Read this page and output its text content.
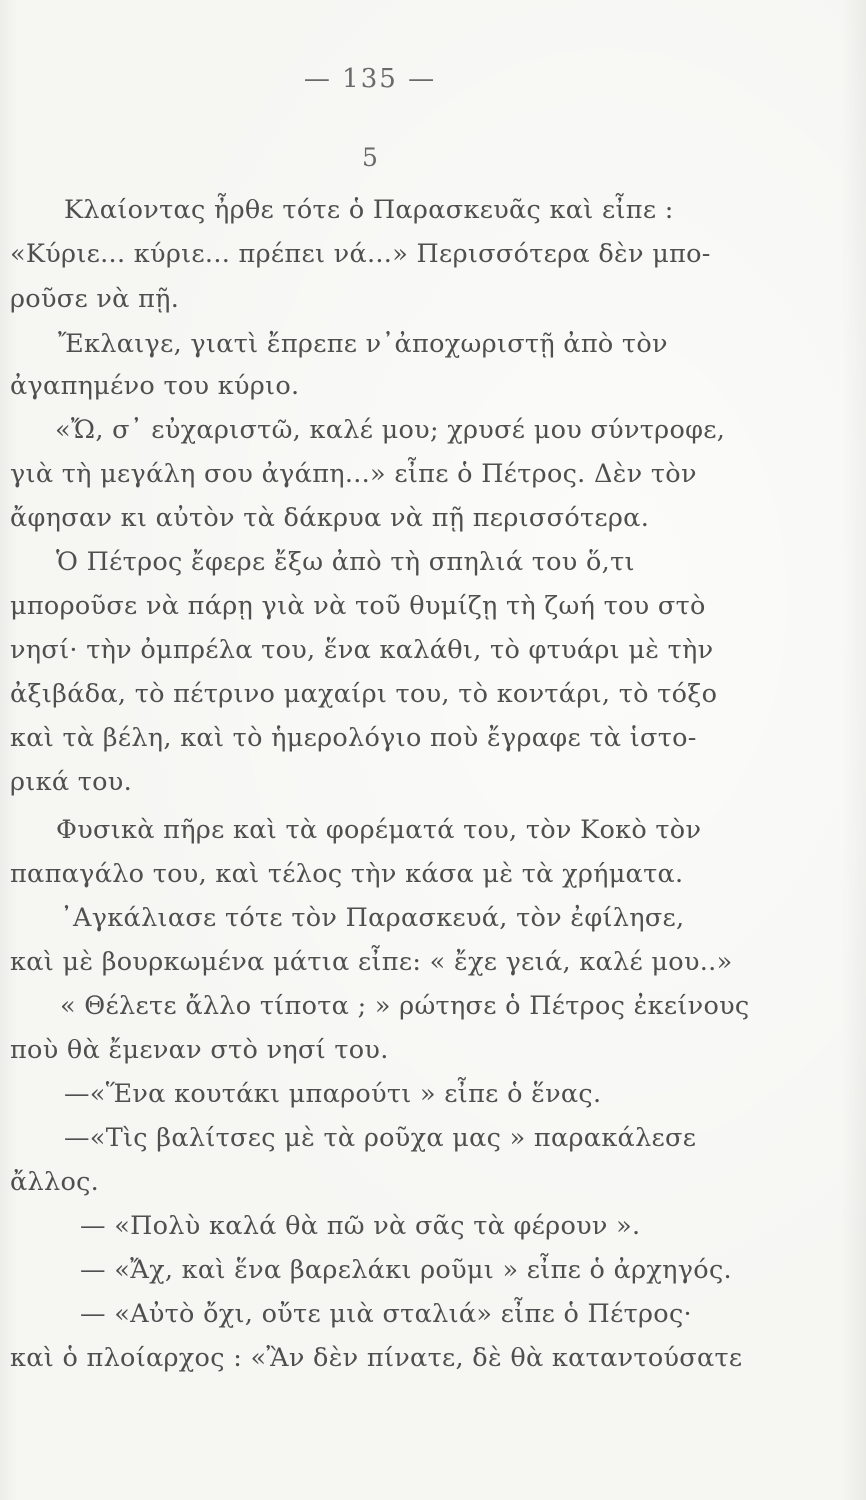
— 135 —
5
Κλαίοντας ἦρθε τότε ὁ Παρασκευᾶς καὶ εἶπε :
«Κύριε... κύριε... πρέπει νά...» Περισσότερα δὲν μπο-
ροῦσε νὰ πῇ.
Ἔκλαιγε, γιατὶ ἔπρεπε ν᾿ἀποχωριστῇ ἀπὸ τὸν
ἀγαπημένο του κύριο.
«Ὤ, σ᾿ εὐχαριστῶ, καλέ μου; χρυσέ μου σύντροφε,
γιὰ τὴ μεγάλη σου ἀγάπη...» εἶπε ὁ Πέτρος. Δὲν τὸν
ἄφησαν κι αὐτὸν τὰ δάκρυα νὰ πῇ περισσότερα.
Ὁ Πέτρος ἔφερε ἔξω ἀπὸ τὴ σπηλιά του ὅ,τι
μποροῦσε νὰ πάρῃ γιὰ νὰ τοῦ θυμίζῃ τὴ ζωή του στὸ
νησί· τὴν ὀμπρέλα του, ἕνα καλάθι, τὸ φτυάρι μὲ τὴν
ἀξιβάδα, τὸ πέτρινο μαχαίρι του, τὸ κοντάρι, τὸ τόξο
καὶ τὰ βέλη, καὶ τὸ ἡμερολόγιο ποὺ ἔγραφε τὰ ἱστο-
ρικά του.
Φυσικὰ πῆρε καὶ τὰ φορέματά του, τὸν Κοκὸ τὸν
παπαγάλο του, καὶ τέλος τὴν κάσα μὲ τὰ χρήματα.
᾿Αγκάλιασε τότε τὸν Παρασκευά, τὸν ἐφίλησε,
καὶ μὲ βουρκωμένα μάτια εἶπε: « ἔχε γειά, καλέ μου..»
« Θέλετε ἄλλο τίποτα ; » ρώτησε ὁ Πέτρος ἐκείνους
ποὺ θὰ ἔμεναν στὸ νησί του.
—«Ἕνα κουτάκι μπαρούτι » εἶπε ὁ ἕνας.
—«Τὶς βαλίτσες μὲ τὰ ροῦχα μας » παρακάλεσε
ἄλλος.
— «Πολὺ καλά θὰ πῶ νὰ σᾶς τὰ φέρουν ».
— «Ἄχ, καὶ ἕνα βαρελάκι ροῦμι » εἶπε ὁ ἀρχηγός.
— «Αὐτὸ ὄχι, οὔτε μιὰ σταλιά» εἶπε ὁ Πέτρος·
καὶ ὁ πλοίαρχος : «Ἂν δὲν πίνατε, δὲ θὰ καταντούσατε
